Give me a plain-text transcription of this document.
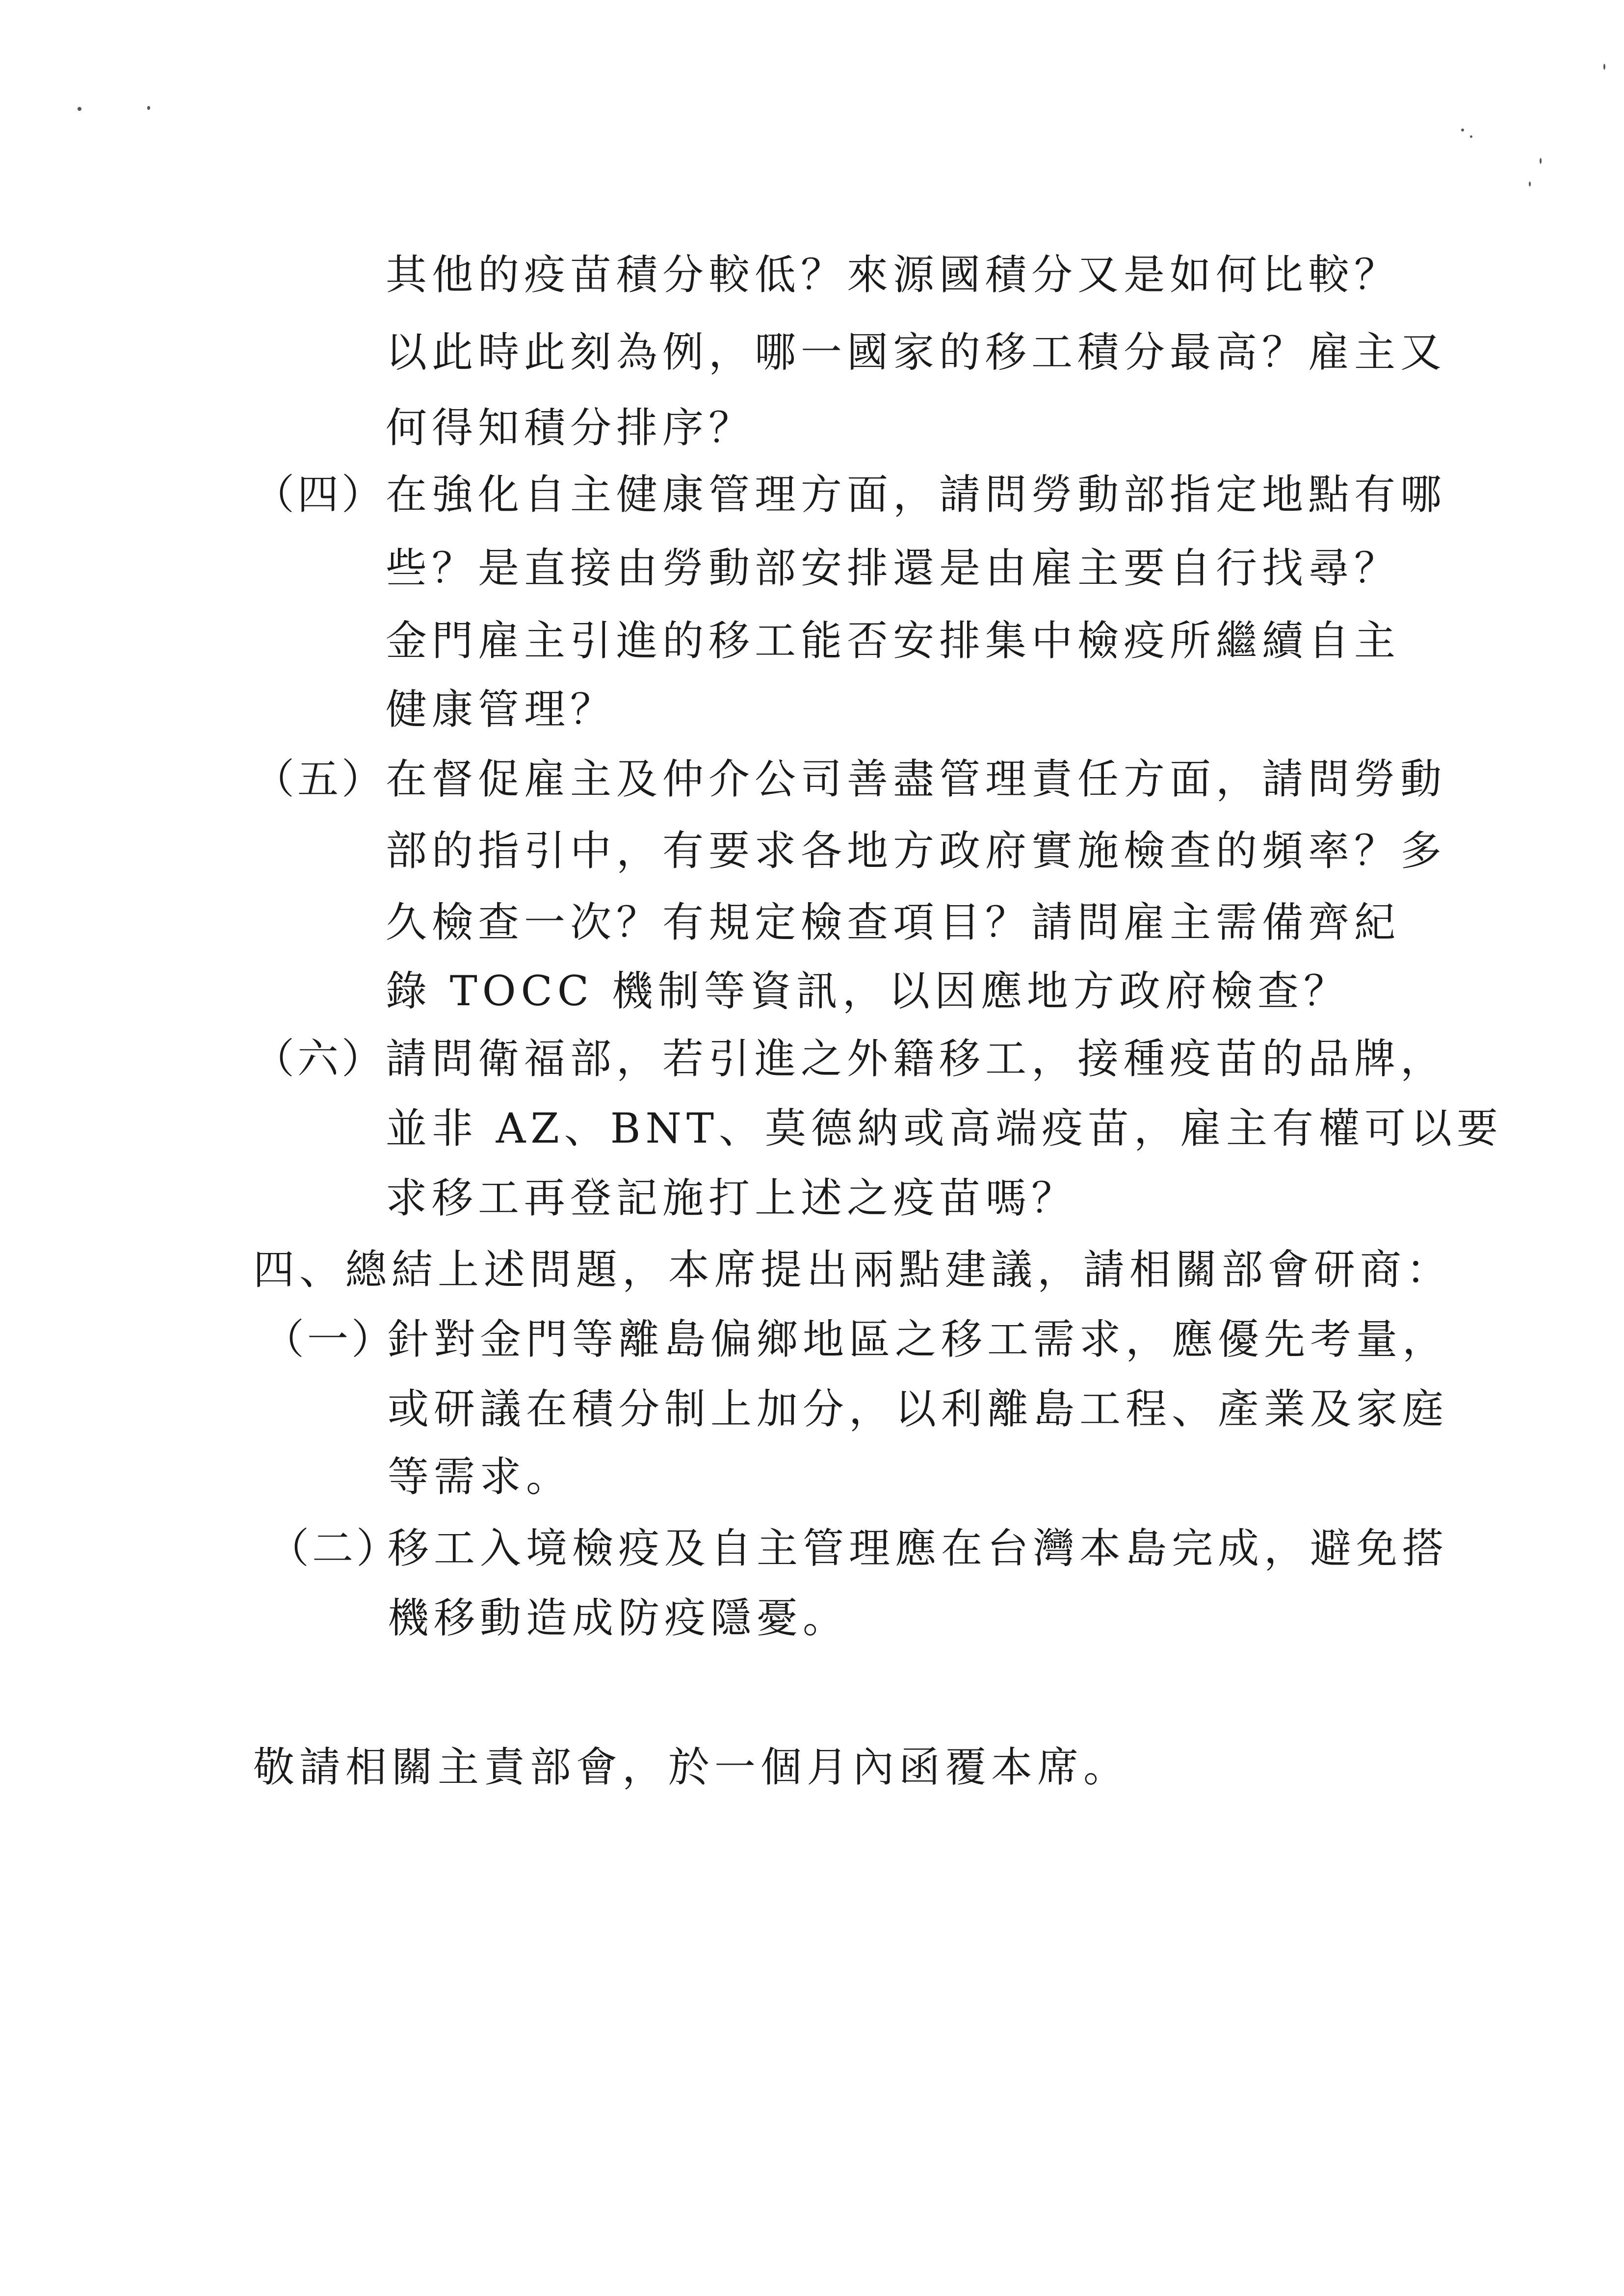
其他的疫苗積分較低？來源國積分又是如何比較？
以此時此刻為例，哪一國家的移工積分最高？雇主又
何得知積分排序？
（四） 在強化自主健康管理方面，請問勞動部指定地點有哪
些？是直接由勞動部安排還是由雇主要自行找尋？
金門雇主引進的移工能否安排集中檢疫所繼續自主
健康管理？
（五） 在督促雇主及仲介公司善盡管理責任方面，請問勞動
部的指引中，有要求各地方政府實施檢查的頻率？多
久檢查一次？有規定檢查項目？請問雇主需備齊紀
錄 TOCC 機制等資訊，以因應地方政府檢查？
（六） 請問衛福部，若引進之外籍移工，接種疫苗的品牌，
並非 AZ、BNT、莫德納或高端疫苗，雇主有權可以要
求移工再登記施打上述之疫苗嗎？
四、總結上述問題，本席提出兩點建議，請相關部會研商：
（一）
針對金門等離島偏鄉地區之移工需求，應優先考量，
或研議在積分制上加分，以利離島工程、產業及家庭
等需求。
（二）
移工入境檢疫及自主管理應在台灣本島完成，避免搭
機移動造成防疫隱憂。
敬請相關主責部會，於一個月內函覆本席。
